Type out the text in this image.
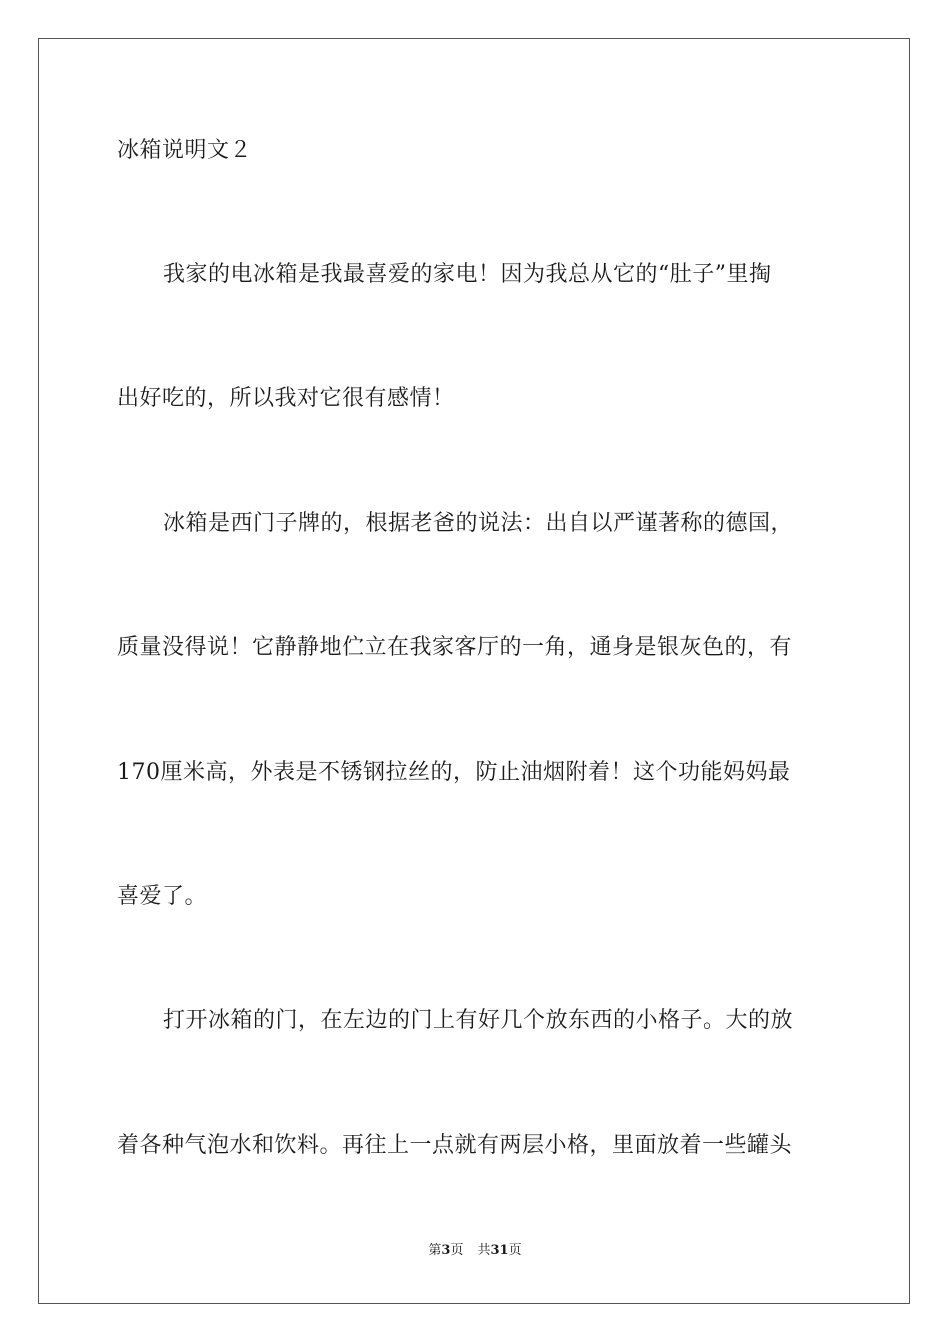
冰箱说明文２
我家的电冰箱是我最喜爱的家电！因为我总从它的“肚子”里掏
出好吃的，所以我对它很有感情！
冰箱是西门子牌的，根据老爸的说法：出自以严谨著称的德国，
质量没得说！它静静地伫立在我家客厅的一角，通身是银灰色的，有
170厘米高，外表是不锈钢拉丝的，防止油烟附着！这个功能妈妈最
喜爱了。
打开冰箱的门，在左边的门上有好几个放东西的小格子。大的放
着各种气泡水和饮料。再往上一点就有两层小格，里面放着一些罐头
第3页 共31页
